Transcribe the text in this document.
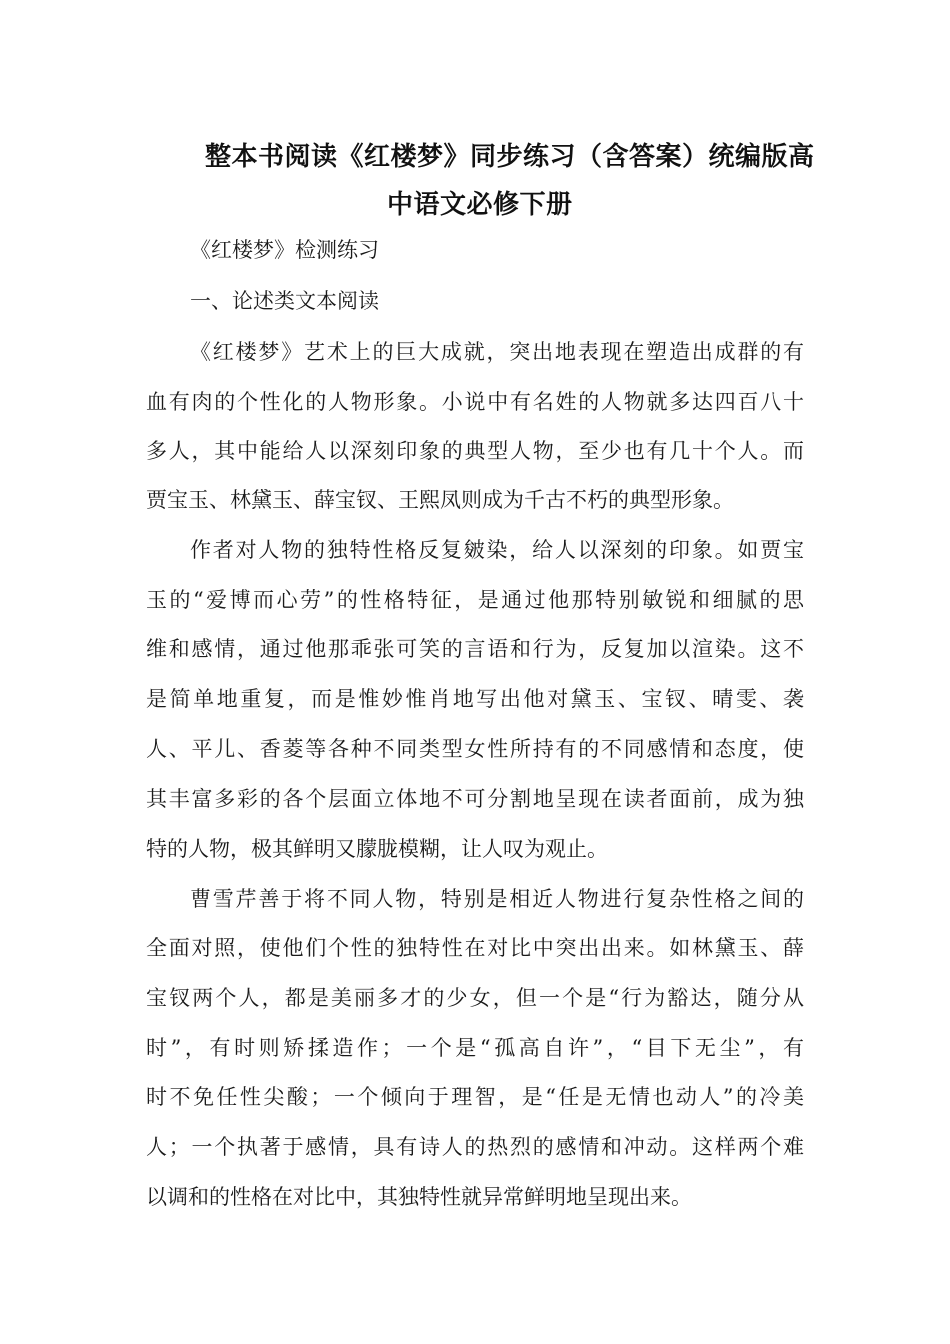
整本书阅读《红楼梦》同步练习（含答案）统编版高
中语文必修下册
《红楼梦》检测练习
一、论述类文本阅读
《红楼梦》艺术上的巨大成就，突出地表现在塑造出成群的有
血有肉的个性化的人物形象。小说中有名姓的人物就多达四百八十
多人，其中能给人以深刻印象的典型人物，至少也有几十个人。而
贾宝玉、林黛玉、薛宝钗、王熙凤则成为千古不朽的典型形象。
作者对人物的独特性格反复皴染，给人以深刻的印象。如贾宝
玉的“爱博而心劳”的性格特征，是通过他那特别敏锐和细腻的思
维和感情，通过他那乖张可笑的言语和行为，反复加以渲染。这不
是简单地重复，而是惟妙惟肖地写出他对黛玉、宝钗、晴雯、袭
人、平儿、香菱等各种不同类型女性所持有的不同感情和态度，使
其丰富多彩的各个层面立体地不可分割地呈现在读者面前，成为独
特的人物，极其鲜明又朦胧模糊，让人叹为观止。
曹雪芹善于将不同人物，特别是相近人物进行复杂性格之间的
全面对照，使他们个性的独特性在对比中突出出来。如林黛玉、薛
宝钗两个人，都是美丽多才的少女，但一个是“行为豁达，随分从
时”，有时则矫揉造作；一个是“孤高自许”，“目下无尘”，有
时不免任性尖酸；一个倾向于理智，是“任是无情也动人”的冷美
人；一个执著于感情，具有诗人的热烈的感情和冲动。这样两个难
以调和的性格在对比中，其独特性就异常鲜明地呈现出来。
